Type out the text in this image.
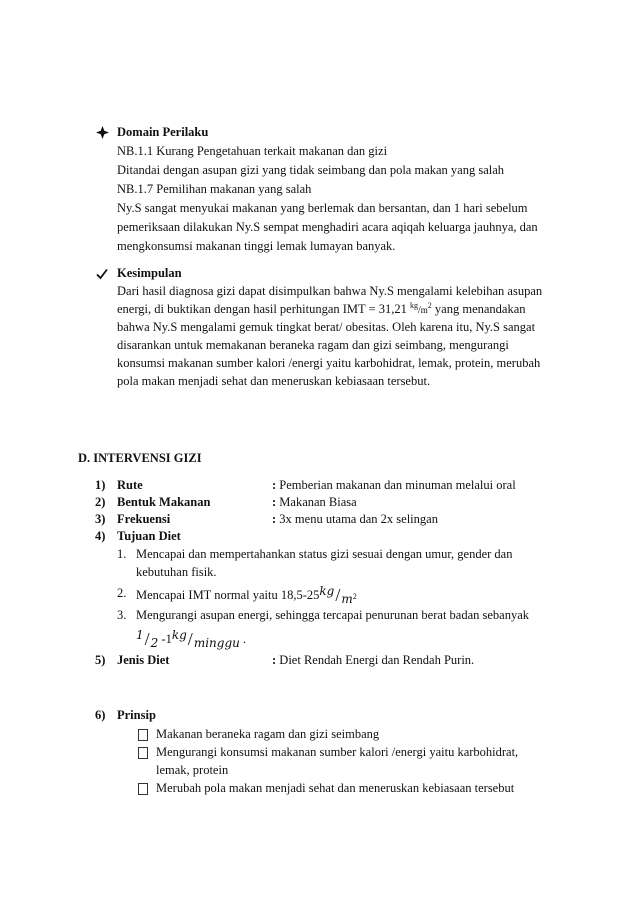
Domain Perilaku
NB.1.1 Kurang Pengetahuan terkait makanan dan gizi
Ditandai dengan asupan gizi yang tidak seimbang dan pola makan yang salah
NB.1.7 Pemilihan makanan yang salah
Ny.S sangat menyukai makanan yang berlemak dan bersantan, dan 1 hari sebelum
pemeriksaan dilakukan Ny.S sempat menghadiri acara aqiqah keluarga jauhnya, dan
mengkonsumsi makanan tinggi lemak lumayan banyak.
Kesimpulan
Dari hasil diagnosa gizi dapat disimpulkan bahwa Ny.S mengalami kelebihan asupan
energi, di buktikan dengan hasil perhitungan IMT = 31,21 $^{kg}/m^2$ yang menandakan
bahwa Ny.S mengalami gemuk tingkat berat/ obesitas. Oleh karena itu, Ny.S sangat
disarankan untuk memakanan beraneka ragam dan gizi seimbang, mengurangi
konsumsi makanan sumber kalori /energi yaitu karbohidrat, lemak, protein, merubah
pola makan menjadi sehat dan meneruskan kebiasaan tersebut.
D. INTERVENSI GIZI
1) Rute	: Pemberian makanan dan minuman melalui oral
2) Bentuk Makanan	: Makanan Biasa
3) Frekuensi	: 3x menu utama dan 2x selingan
4) Tujuan Diet
1. Mencapai dan mempertahankan status gizi sesuai dengan umur, gender dan
kebutuhan fisik.
2. Mencapai IMT normal yaitu 18,5-25kg/m2
3. Mengurangi asupan energi, sehingga tercapai penurunan berat badan sebanyak
1/2 -1kg/minggu .
5) Jenis Diet	: Diet Rendah Energi dan Rendah Purin.
6) Prinsip
Makanan beraneka ragam dan gizi seimbang
Mengurangi konsumsi makanan sumber kalori /energi yaitu karbohidrat,
lemak, protein
Merubah pola makan menjadi sehat dan meneruskan kebiasaan tersebut
